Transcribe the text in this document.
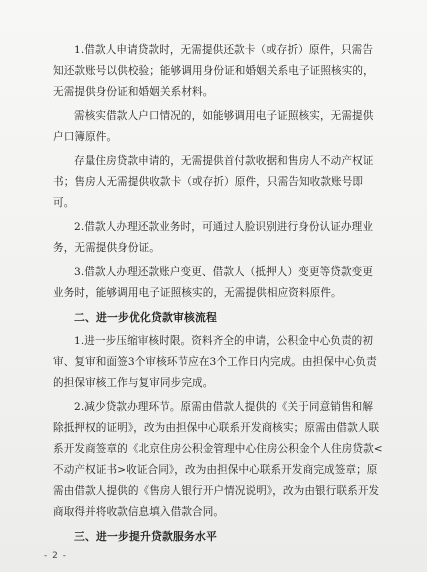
1.借款人申请贷款时，无需提供还款卡（或存折）原件，只需告知还款账号以供校验；能够调用身份证和婚姻关系电子证照核实的，无需提供身份证和婚姻关系材料。

需核实借款人户口情况的，如能够调用电子证照核实，无需提供户口簿原件。

存量住房贷款申请的，无需提供首付款收据和售房人不动产权证书；售房人无需提供收款卡（或存折）原件，只需告知收款账号即可。

2.借款人办理还款业务时，可通过人脸识别进行身份认证办理业务，无需提供身份证。

3.借款人办理还款账户变更、借款人（抵押人）变更等贷款变更业务时，能够调用电子证照核实的，无需提供相应资料原件。

二、进一步优化贷款审核流程

1.进一步压缩审核时限。资料齐全的申请，公积金中心负责的初审、复审和面签3个审核环节应在3个工作日内完成。由担保中心负责的担保审核工作与复审同步完成。

2.减少贷款办理环节。原需由借款人提供的《关于同意销售和解除抵押权的证明》，改为由担保中心联系开发商核实；原需由借款人联系开发商签章的《北京住房公积金管理中心住房公积金个人住房贷款<不动产权证书>收证合同》，改为由担保中心联系开发商完成签章；原需由借款人提供的《售房人银行开户情况说明》，改为由银行联系开发商取得并将收款信息填入借款合同。

三、进一步提升贷款服务水平

- 2 -
